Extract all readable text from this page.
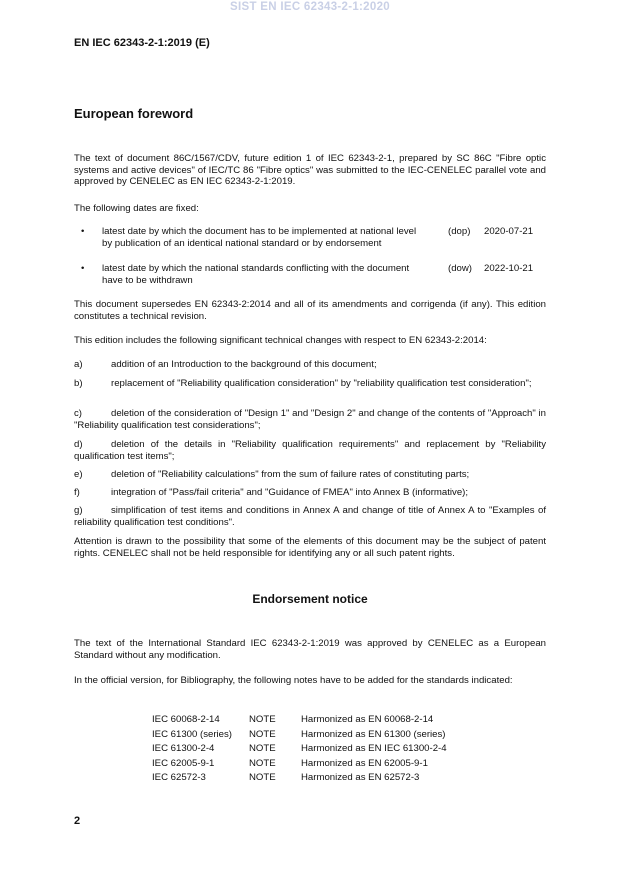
SIST EN IEC 62343-2-1:2020
EN IEC 62343-2-1:2019 (E)
European foreword

The text of document 86C/1567/CDV, future edition 1 of IEC 62343-2-1, prepared by SC 86C "Fibre optic systems and active devices" of IEC/TC 86 "Fibre optics" was submitted to the IEC-CENELEC parallel vote and approved by CENELEC as EN IEC 62343-2-1:2019.

The following dates are fixed:

• latest date by which the document has to be implemented at national level by publication of an identical national standard or by endorsement
(dop) 2020-07-21
• latest date by which the national standards conflicting with the document have to be withdrawn
(dow) 2022-10-21

This document supersedes EN 62343-2:2014 and all of its amendments and corrigenda (if any). This edition constitutes a technical revision.

This edition includes the following significant technical changes with respect to EN 62343-2:2014:

a)	addition of an Introduction to the background of this document;

b)	replacement of "Reliability qualification consideration" by "reliability qualification test consideration";

c)	deletion of the consideration of "Design 1" and "Design 2" and change of the contents of "Approach" in "Reliability qualification test considerations";

d)	deletion of the details in "Reliability qualification requirements" and replacement by "Reliability qualification test items";

e)	deletion of "Reliability calculations" from the sum of failure rates of constituting parts;

f)	integration of "Pass/fail criteria" and "Guidance of FMEA" into Annex B (informative);

g)	simplification of test items and conditions in Annex A and change of title of Annex A to "Examples of reliability qualification test conditions".

Attention is drawn to the possibility that some of the elements of this document may be the subject of patent rights. CENELEC shall not be held responsible for identifying any or all such patent rights.

Endorsement notice

The text of the International Standard IEC 62343-2-1:2019 was approved by CENELEC as a European Standard without any modification.

In the official version, for Bibliography, the following notes have to be added for the standards indicated:

IEC 60068-2-14	NOTE	Harmonized as EN 60068-2-14
IEC 61300 (series) NOTE	Harmonized as EN 61300 (series)
IEC 61300-2-4	NOTE	Harmonized as EN IEC 61300-2-4
IEC 62005-9-1	NOTE	Harmonized as EN 62005-9-1
IEC 62572-3	NOTE	Harmonized as EN 62572-3
2
